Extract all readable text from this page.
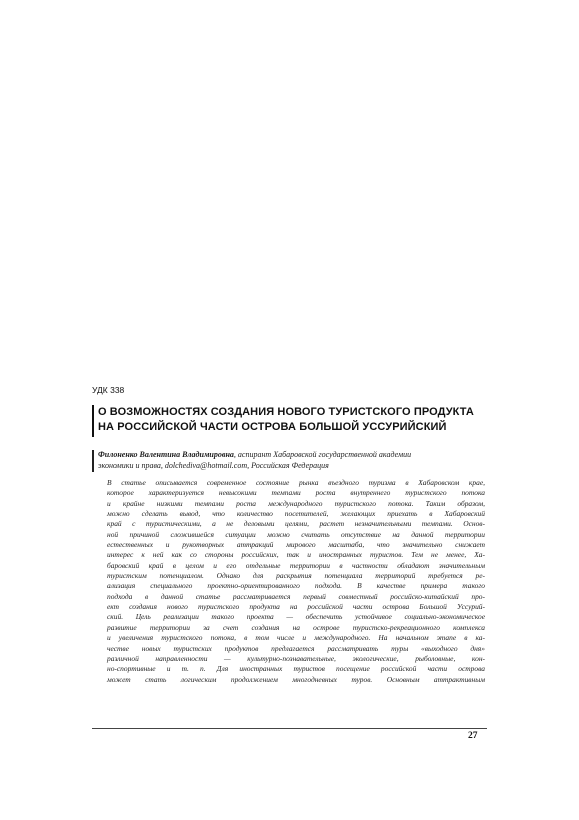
УДК 338
О ВОЗМОЖНОСТЯХ СОЗДАНИЯ НОВОГО ТУРИСТСКОГО ПРОДУКТА
НА РОССИЙСКОЙ ЧАСТИ ОСТРОВА БОЛЬШОЙ УССУРИЙСКИЙ
Филоненко Валентина Владимировна, аспирант Хабаровской государственной академии
экономики и права, dolchediva@hotmail.com, Российская Федерация
В статье описывается современное состояние рынка въездного туризма в Хабаровском крае,
которое характеризуется невысокими темпами роста внутреннего туристского потока
и крайне низкими темпами роста международного туристского потока. Таким образом,
можно сделать вывод, что количество посетителей, желающих приехать в Хабаровский
край с туристическими, а не деловыми целями, растет незначительными темпами. Основ-
ной причиной сложившейся ситуации можно считать отсутствие на данной территории
естественных и рукотворных аттракций мирового масштаба, что значительно снижает
интерес к ней как со стороны российских, так и иностранных туристов. Тем не менее, Ха-
баровский край в целом и его отдельные территории в частности обладают значительным
туристским потенциалом. Однако для раскрытия потенциала территорий требуется ре-
ализация специального проектно-ориентированного подхода. В качестве примера такого
подхода в данной статье рассматривается первый совместный российско-китайский про-
ект создания нового туристского продукта на российской части острова Большой Уссурий-
ский. Цель реализации такого проекта — обеспечить устойчивое социально-экономическое
развитие территории за счет создания на острове туристско-рекреационного комплекса
и увеличения туристского потока, в том числе и международного. На начальном этапе в ка-
честве новых туристских продуктов предлагается рассматривать туры «выходного дня»
различной направленности — культурно-познавательные, экологические, рыболовные, кон-
но-спортивные и т. п. Для иностранных туристов посещение российской части острова
может стать логическим продолжением многодневных туров. Основным аттрактивным
27
